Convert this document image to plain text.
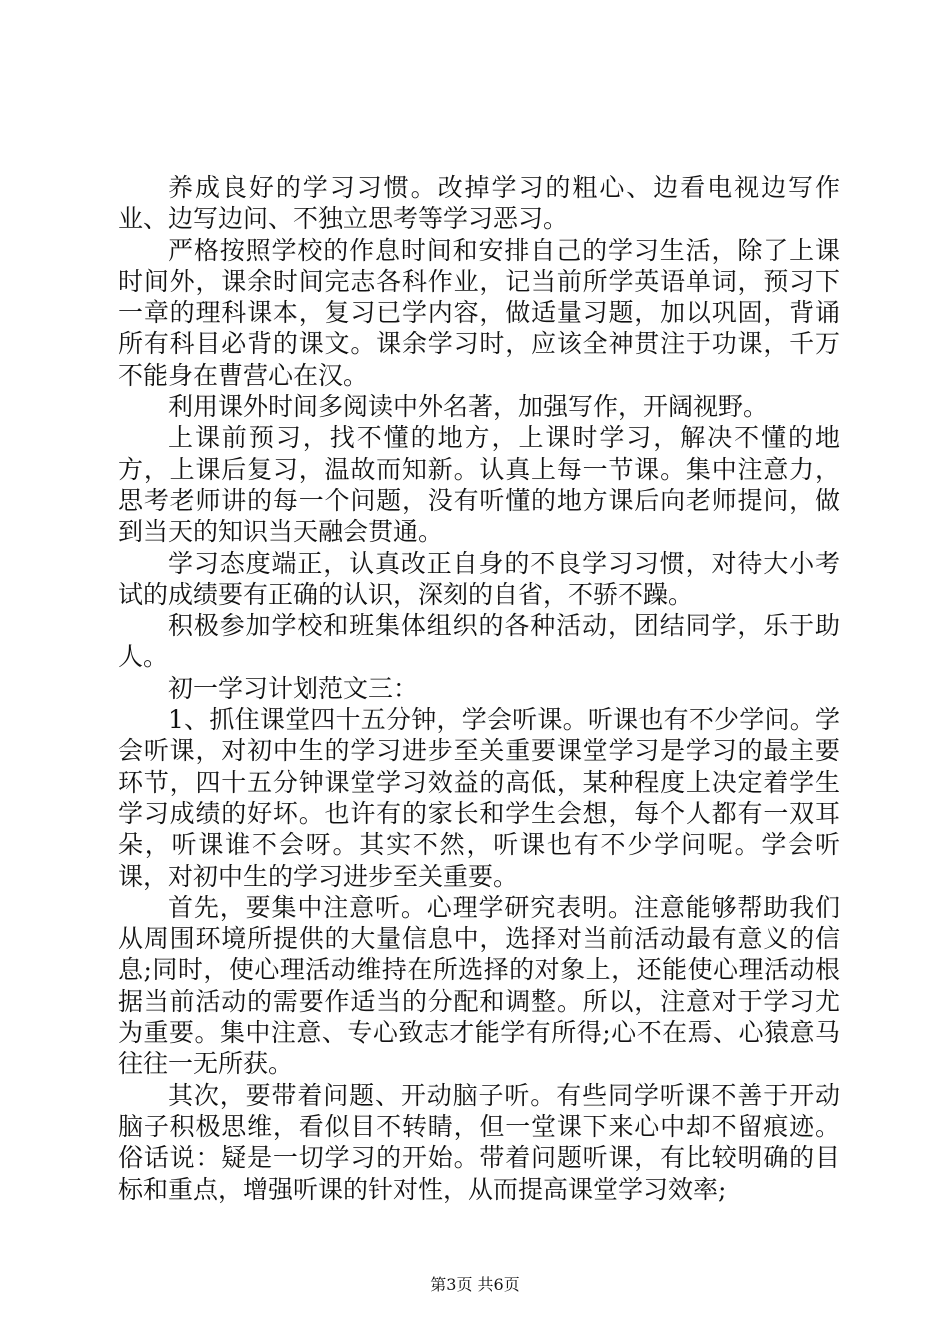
养成良好的学习习惯。改掉学习的粗心、边看电视边写作业、边写边问、不独立思考等学习恶习。

严格按照学校的作息时间和安排自己的学习生活，除了上课时间外，课余时间完志各科作业，记当前所学英语单词，预习下一章的理科课本，复习已学内容，做适量习题，加以巩固，背诵所有科目必背的课文。课余学习时，应该全神贯注于功课，千万不能身在曹营心在汉。

利用课外时间多阅读中外名著，加强写作，开阔视野。

上课前预习，找不懂的地方，上课时学习，解决不懂的地方，上课后复习，温故而知新。认真上每一节课。集中注意力，思考老师讲的每一个问题，没有听懂的地方课后向老师提问，做到当天的知识当天融会贯通。

学习态度端正，认真改正自身的不良学习习惯，对待大小考试的成绩要有正确的认识，深刻的自省，不骄不躁。

积极参加学校和班集体组织的各种活动，团结同学，乐于助人。

初一学习计划范文三：

1、抓住课堂四十五分钟，学会听课。听课也有不少学问。学会听课，对初中生的学习进步至关重要课堂学习是学习的最主要环节，四十五分钟课堂学习效益的高低，某种程度上决定着学生学习成绩的好坏。也许有的家长和学生会想，每个人都有一双耳朵，听课谁不会呀。其实不然，听课也有不少学问呢。学会听课，对初中生的学习进步至关重要。

首先，要集中注意听。心理学研究表明。注意能够帮助我们从周围环境所提供的大量信息中，选择对当前活动最有意义的信息;同时，使心理活动维持在所选择的对象上，还能使心理活动根据当前活动的需要作适当的分配和调整。所以，注意对于学习尤为重要。集中注意、专心致志才能学有所得;心不在焉、心猿意马往往一无所获。

其次，要带着问题、开动脑子听。有些同学听课不善于开动脑子积极思维，看似目不转睛，但一堂课下来心中却不留痕迹。俗话说：疑是一切学习的开始。带着问题听课，有比较明确的目标和重点，增强听课的针对性，从而提高课堂学习效率;

第3页 共6页
